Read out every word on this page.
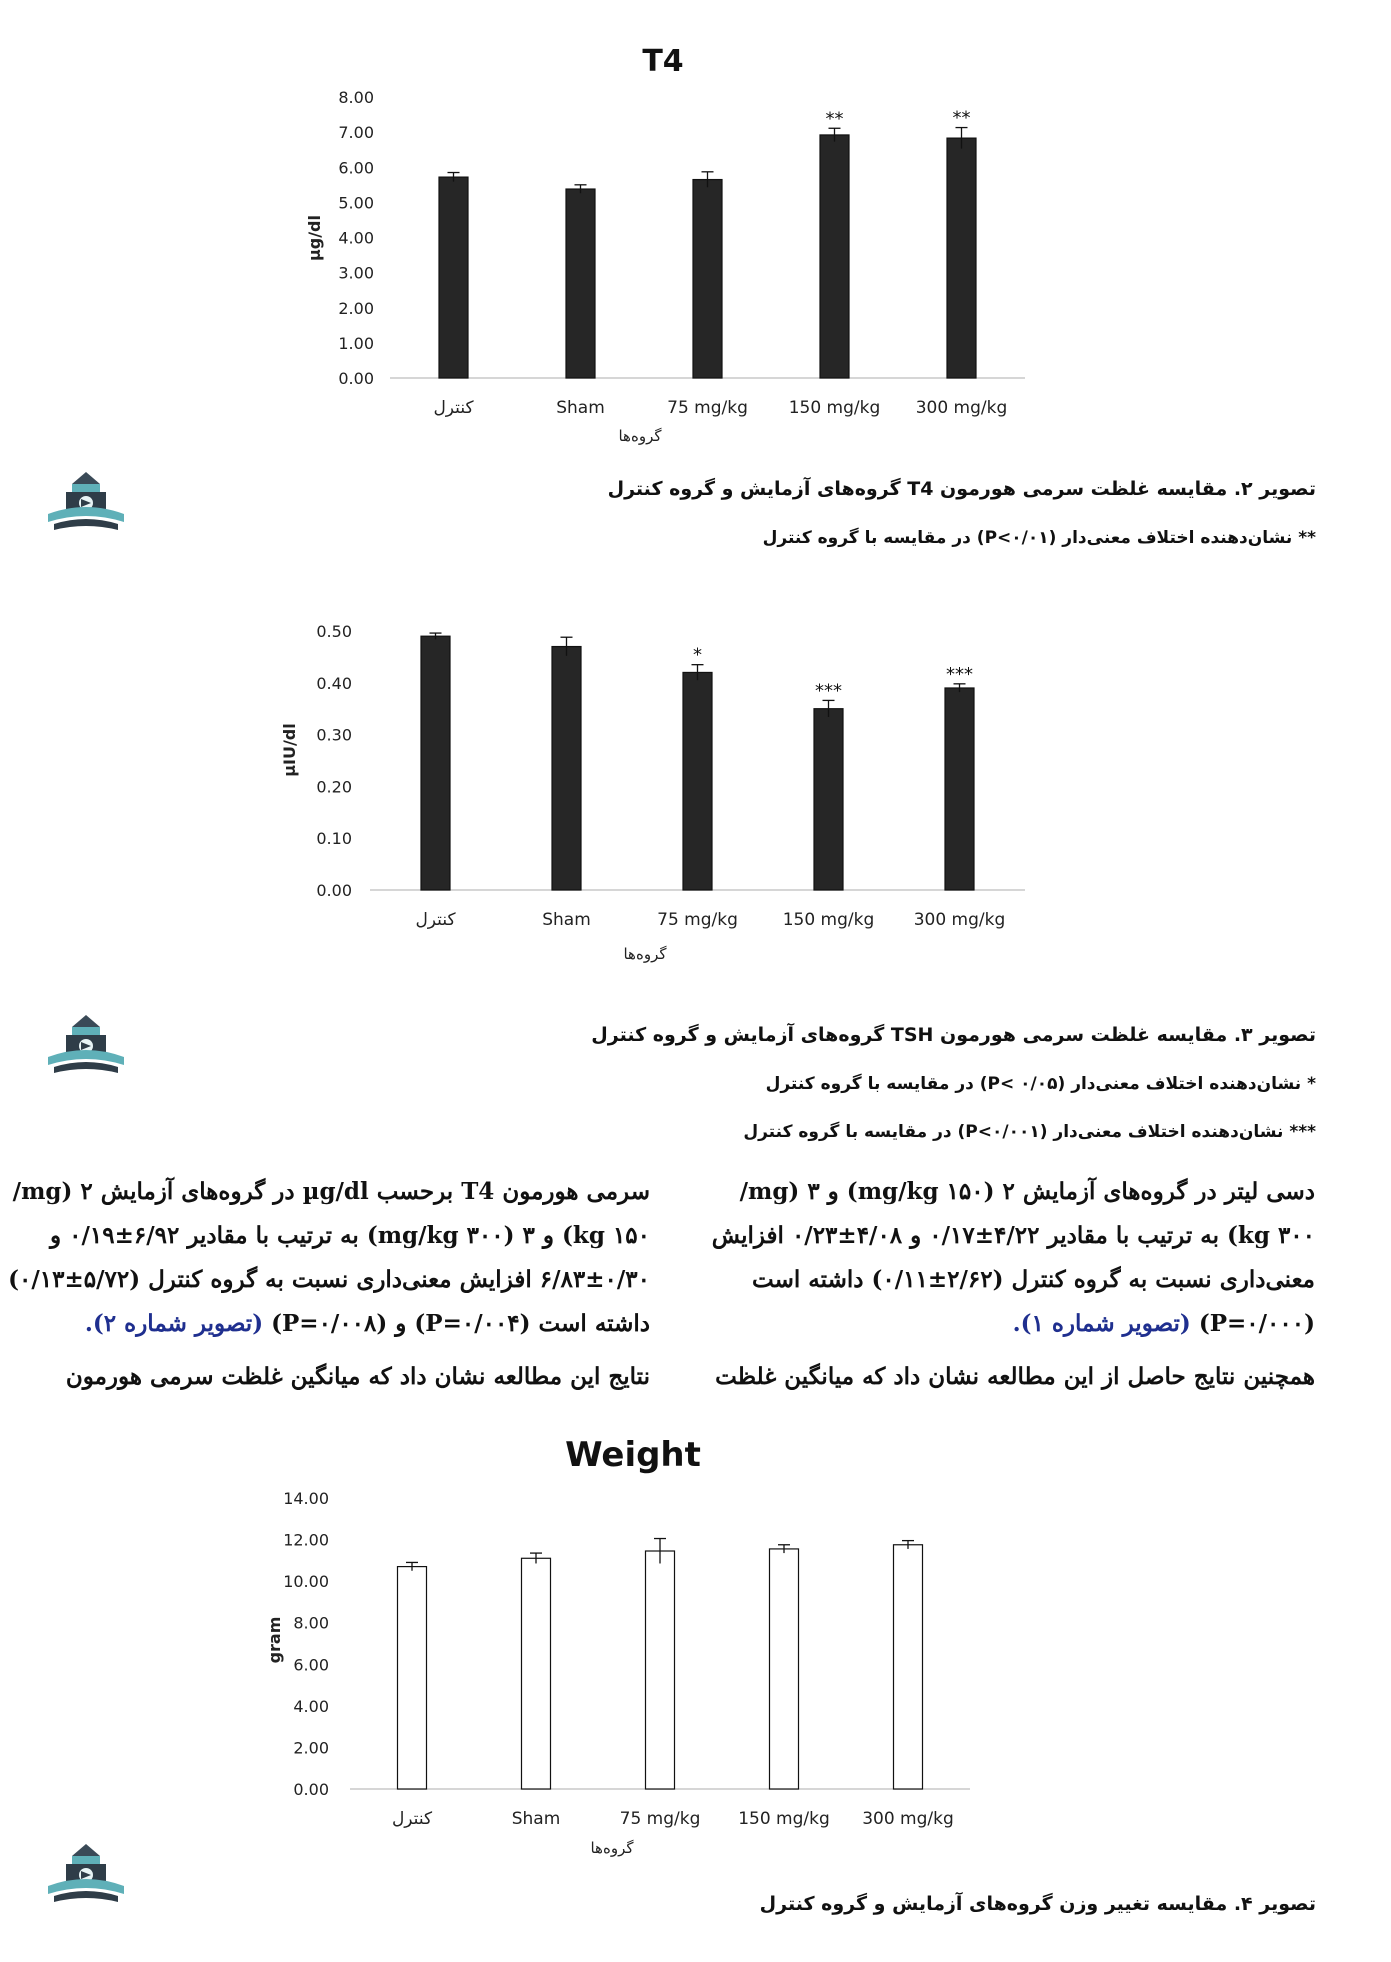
T4
0.00
1.00
2.00
3.00
4.00
5.00
6.00
7.00
8.00
کنترل	Sham	75 mg/kg
**
150 mg/kg
**
300 mg/kg
گروه‌ها
µg/dl
0.00
0.10
0.20
0.30
0.40
0.50
کنترل	Sham
*
75 mg/kg
***
150 mg/kg
***
300 mg/kg
گروه‌ها
µIU/dl
Weight
0.00
2.00
4.00
6.00
8.00
10.00
12.00
14.00
کنترل	Sham	75 mg/kg 150 mg/kg 300 mg/kg
گروه‌ها
gram
تصویر ۲. مقایسه غلظت سرمی هورمون T4 گروه‌های آزمایش و گروه کنترل
** نشان‌دهنده اختلاف معنی‌دار (P<۰/۰۱) در مقایسه با گروه کنترل
تصویر ۳. مقایسه غلظت سرمی هورمون TSH گروه‌های آزمایش و گروه کنترل
* نشان‌دهنده اختلاف معنی‌دار (P< ۰/۰۵) در مقایسه با گروه کنترل
*** نشان‌دهنده اختلاف معنی‌دار (P<۰/۰۰۱) در مقایسه با گروه کنترل
تصویر ۴. مقایسه تغییر وزن گروه‌های آزمایش و گروه کنترل
دسی لیتر در گروه‌های آزمایش ۲ (۱۵۰ mg/kg) و ۳ (mg/
۳۰۰ kg) به ترتیب با مقادیر ۴/۲۲±۰/۱۷ و ۴/۰۸±۰/۲۳ افزایش
معنی‌داری نسبت به گروه کنترل (۲/۶۲±۰/۱۱) داشته است
(P=۰/۰۰۰) (تصویر شماره ۱).
سرمی هورمون T4 برحسب µg/dl در گروه‌های آزمایش ۲ (mg/
۱۵۰ kg) و ۳ (۳۰۰ mg/kg) به ترتیب با مقادیر ۶/۹۲±۰/۱۹ و
۶/۸۳±۰/۳۰ افزایش معنی‌داری نسبت به گروه کنترل (۵/۷۲±۰/۱۳)
داشته است (P=۰/۰۰۴) و (P=۰/۰۰۸) (تصویر شماره ۲).
همچنین نتایج حاصل از این مطالعه نشان داد که میانگین غلظت
نتایج این مطالعه نشان داد که میانگین غلظت سرمی هورمون
